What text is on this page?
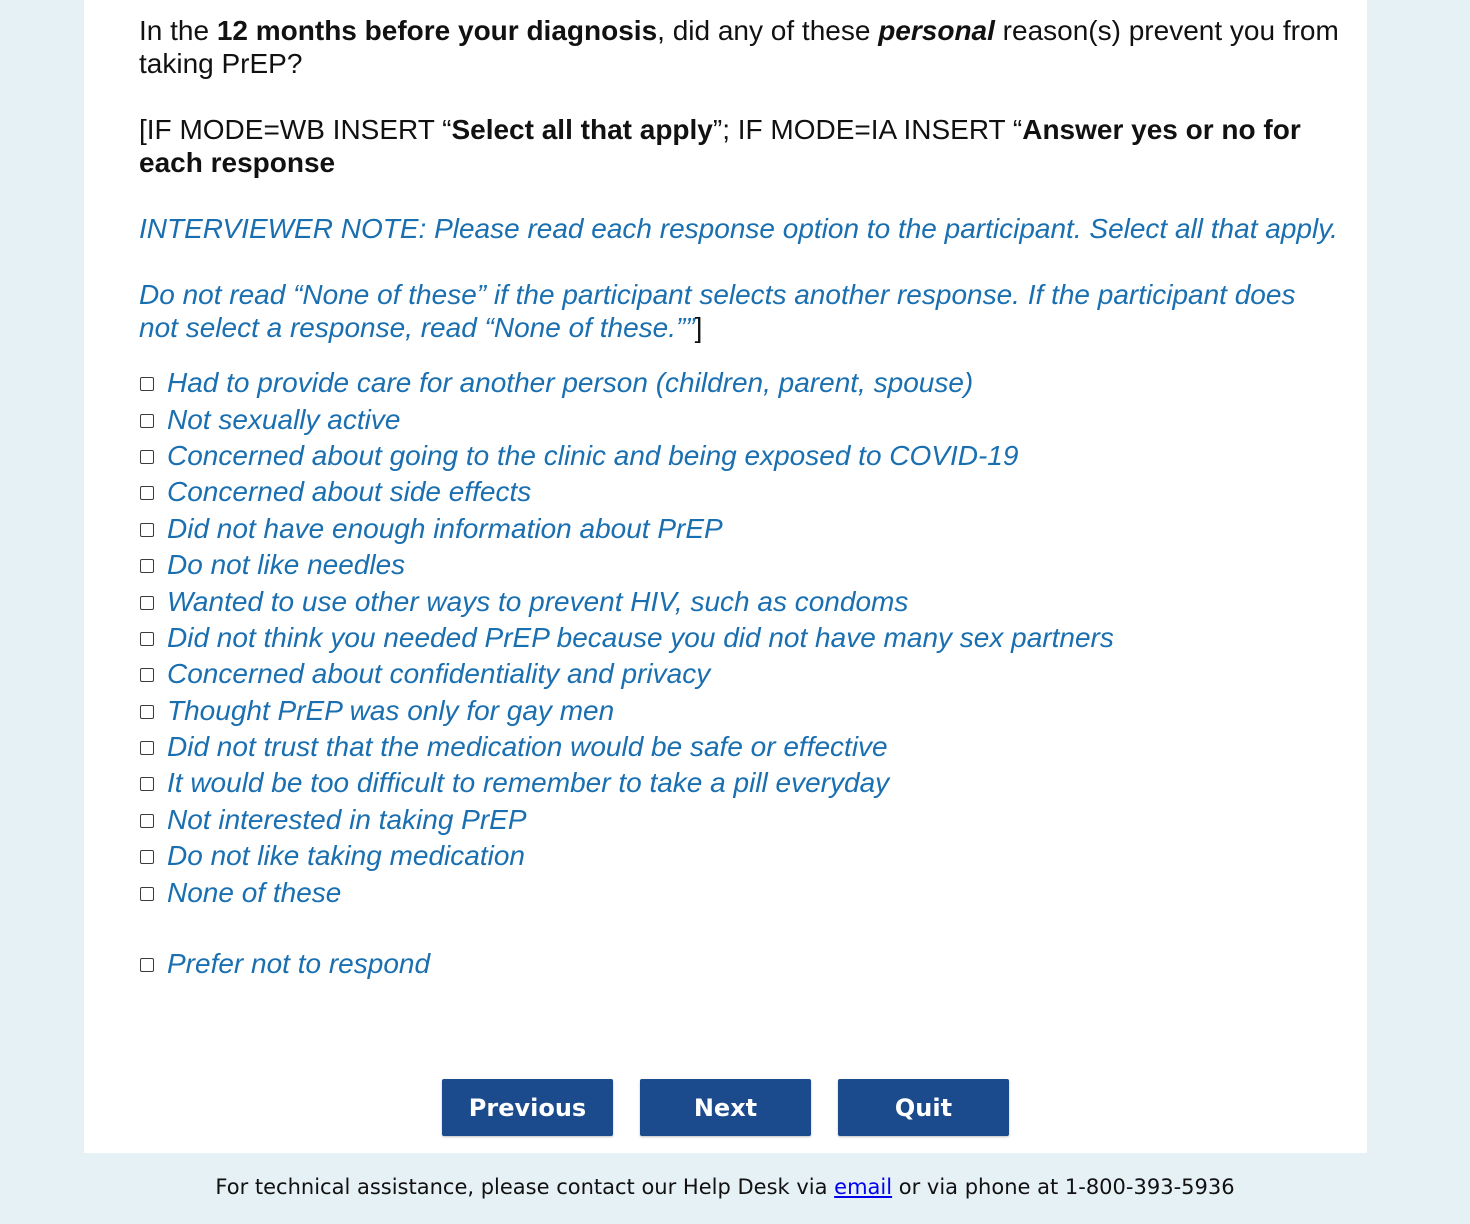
In the 12 months before your diagnosis, did any of these personal reason(s) prevent you from taking PrEP?

[IF MODE=WB INSERT “Select all that apply”; IF MODE=IA INSERT “Answer yes or no for each response

INTERVIEWER NOTE: Please read each response option to the participant. Select all that apply.

Do not read “None of these” if the participant selects another response. If the participant does not select a response, read “None of these.””]

Had to provide care for another person (children, parent, spouse)
Not sexually active
Concerned about going to the clinic and being exposed to COVID-19
Concerned about side effects
Did not have enough information about PrEP
Do not like needles
Wanted to use other ways to prevent HIV, such as condoms
Did not think you needed PrEP because you did not have many sex partners
Concerned about confidentiality and privacy
Thought PrEP was only for gay men
Did not trust that the medication would be safe or effective
It would be too difficult to remember to take a pill everyday
Not interested in taking PrEP
Do not like taking medication
None of these
Prefer not to respond
Previous	Next	Quit
For technical assistance, please contact our Help Desk via email or via phone at 1-800-393-5936
